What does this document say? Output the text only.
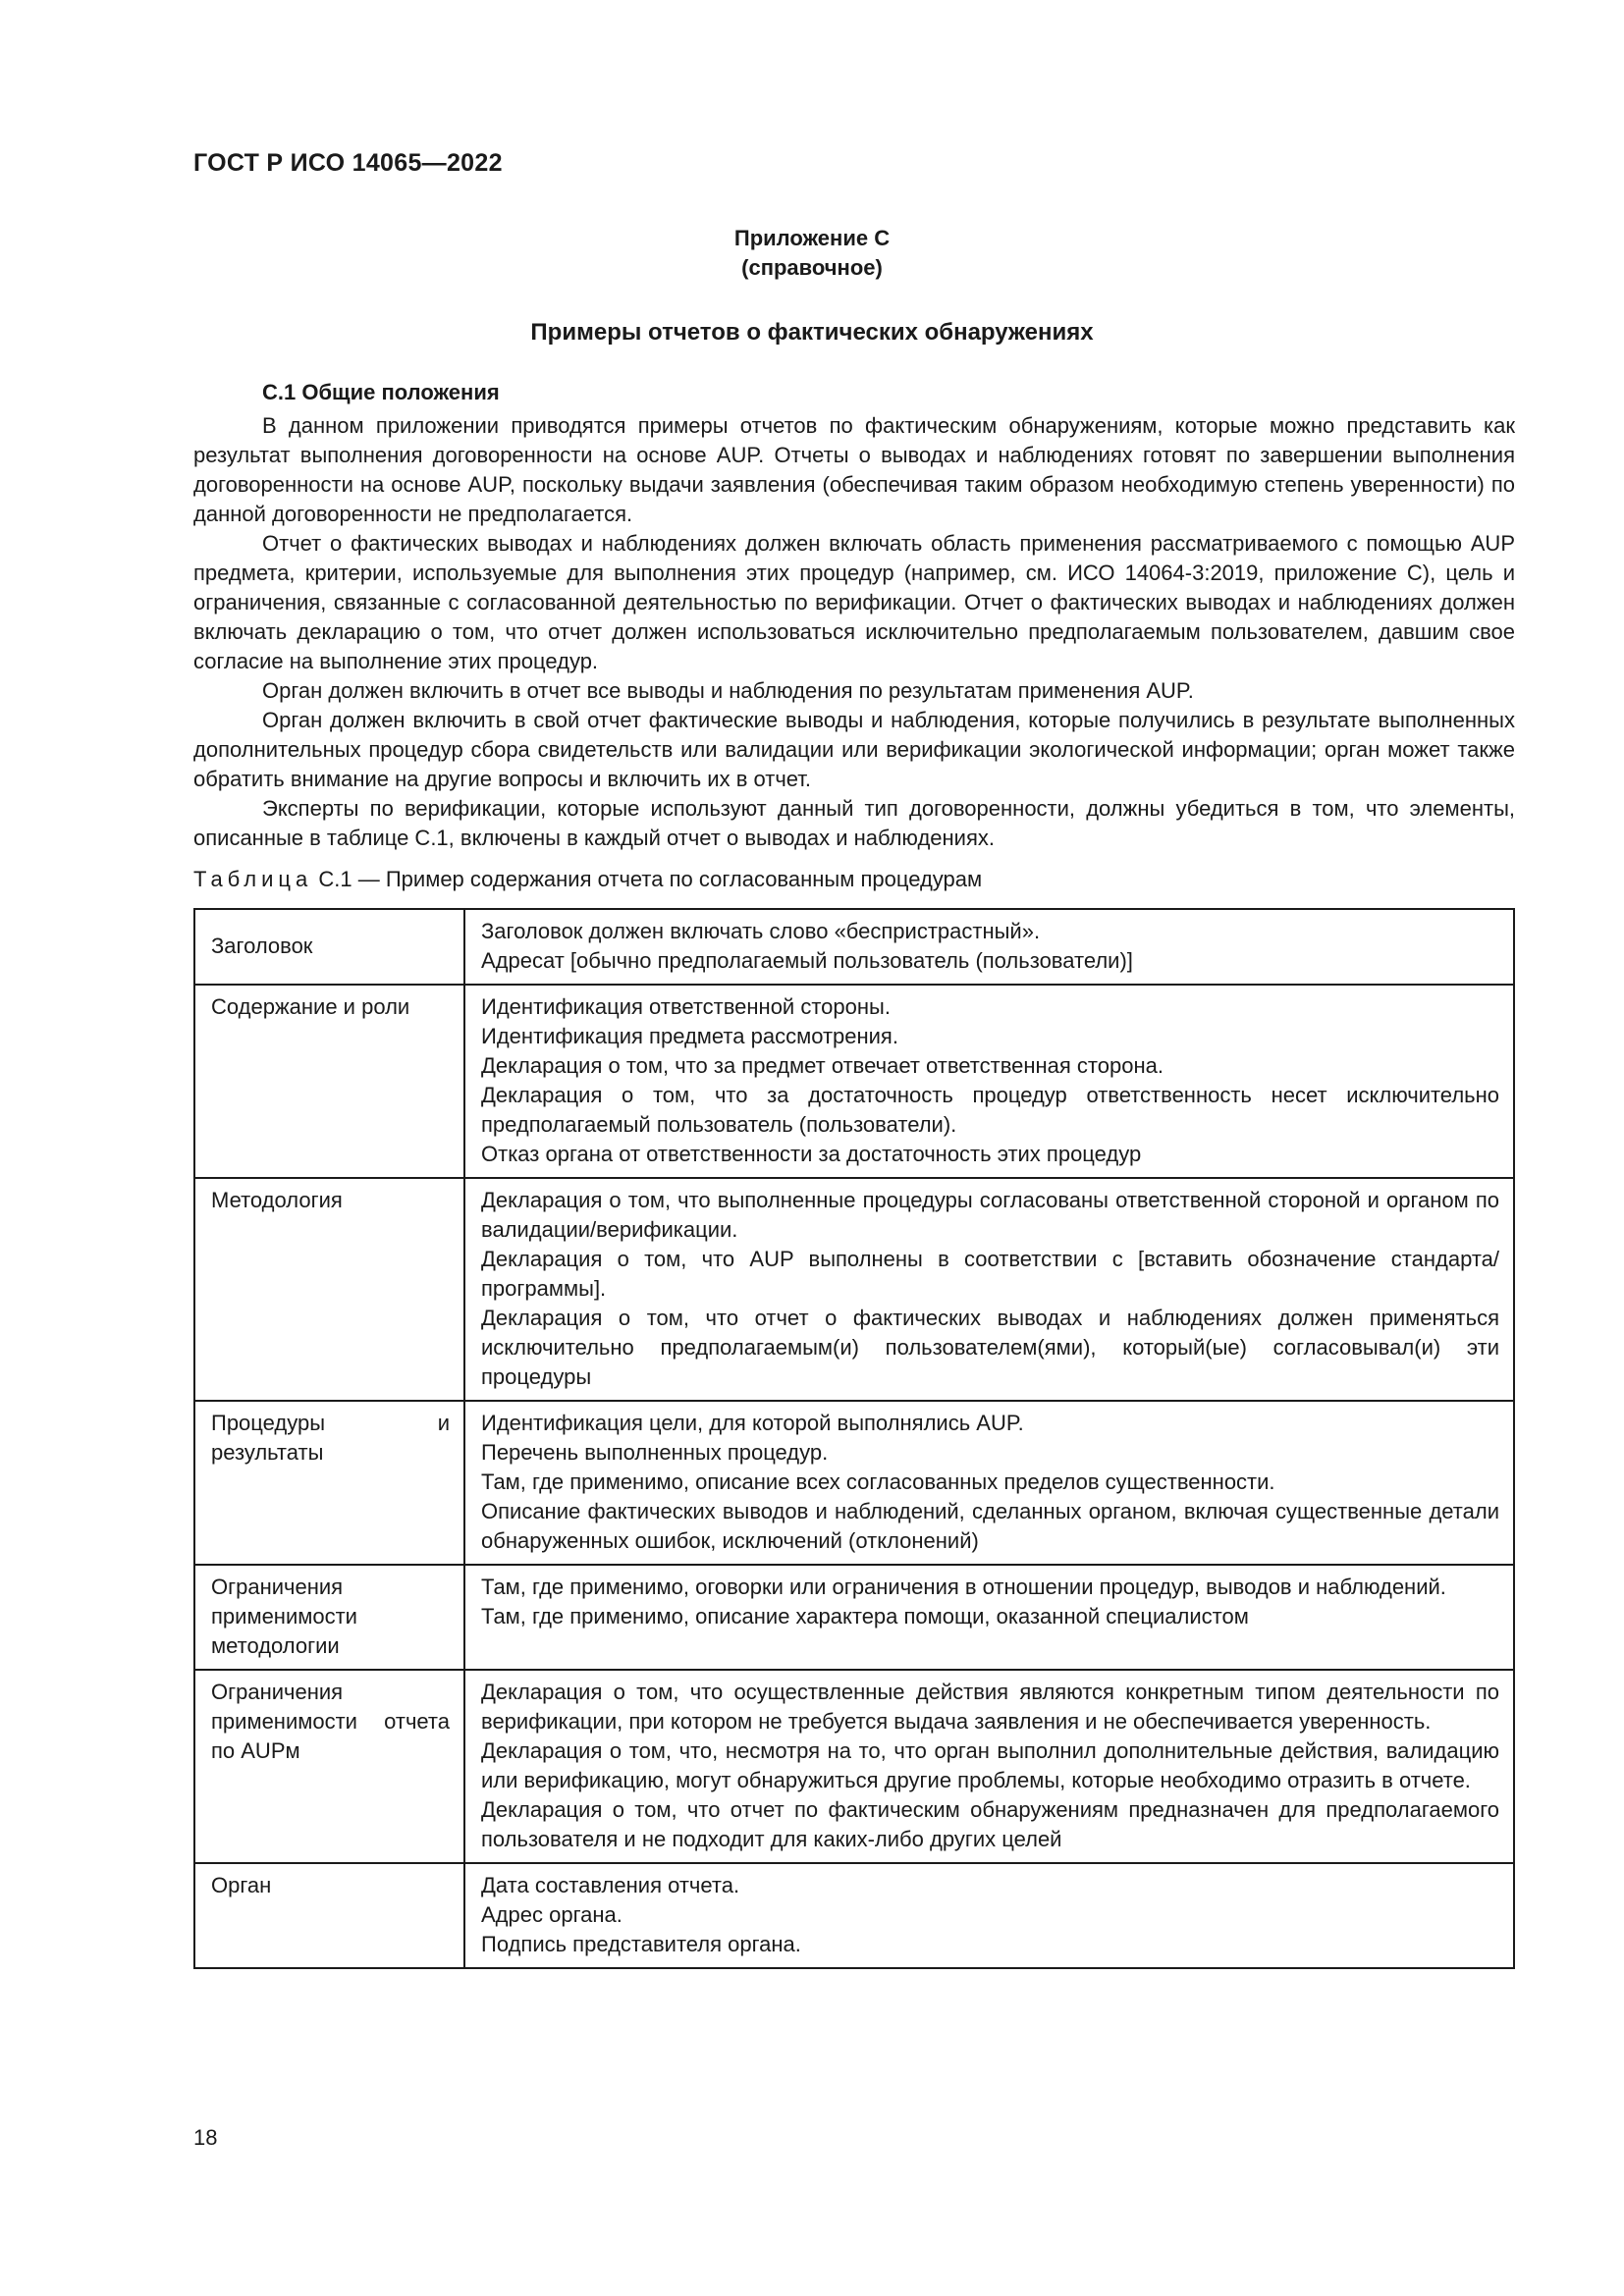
ГОСТ Р ИСО 14065—2022
Приложение С
(справочное)
Примеры отчетов о фактических обнаружениях
С.1 Общие положения

В данном приложении приводятся примеры отчетов по фактическим обнаружениям, которые можно представить как результат выполнения договоренности на основе AUP. Отчеты о выводах и наблюдениях готовят по завершении выполнения договоренности на основе AUP, поскольку выдачи заявления (обеспечивая таким образом необходимую степень уверенности) по данной договоренности не предполагается.

Отчет о фактических выводах и наблюдениях должен включать область применения рассматриваемого с помощью AUP предмета, критерии, используемые для выполнения этих процедур (например, см. ИСО 14064-3:2019, приложение С), цель и ограничения, связанные с согласованной деятельностью по верификации. Отчет о фактических выводах и наблюдениях должен включать декларацию о том, что отчет должен использоваться исключительно предполагаемым пользователем, давшим свое согласие на выполнение этих процедур.

Орган должен включить в отчет все выводы и наблюдения по результатам применения AUP.

Орган должен включить в свой отчет фактические выводы и наблюдения, которые получились в результате выполненных дополнительных процедур сбора свидетельств или валидации или верификации экологической информации; орган может также обратить внимание на другие вопросы и включить их в отчет.

Эксперты по верификации, которые используют данный тип договоренности, должны убедиться в том, что элементы, описанные в таблице С.1, включены в каждый отчет о выводах и наблюдениях.

Таблица С.1 — Пример содержания отчета по согласованным процедурам
Заголовок	Заголовок должен включать слово «беспристрастный».
Адресат [обычно предполагаемый пользователь (пользователи)]

Содержание и роли	Идентификация ответственной стороны.
Идентификация предмета рассмотрения.
Декларация о том, что за предмет отвечает ответственная сторона.
Декларация о том, что за достаточность процедур ответственность несет исключительно предполагаемый пользователь (пользователи).
Отказ органа от ответственности за достаточность этих процедур

Методология	Декларация о том, что выполненные процедуры согласованы ответственной стороной и органом по валидации/верификации.
Декларация о том, что AUP выполнены в соответствии с [вставить обозначение стандарта/программы].
Декларация о том, что отчет о фактических выводах и наблюдениях должен применяться исключительно предполагаемым(и) пользователем(ями), который(ые) согласовывал(и) эти процедуры

Процедуры и результаты	Идентификация цели, для которой выполнялись AUP.
Перечень выполненных процедур.
Там, где применимо, описание всех согласованных пределов существенности.
Описание фактических выводов и наблюдений, сделанных органом, включая существенные детали обнаруженных ошибок, исключений (отклонений)

Ограничения применимости методологии	Там, где применимо, оговорки или ограничения в отношении процедур, выводов и наблюдений.
Там, где применимо, описание характера помощи, оказанной специалистом

Ограничения применимости отчета по AUPм	Декларация о том, что осуществленные действия являются конкретным типом деятельности по верификации, при котором не требуется выдача заявления и не обеспечивается уверенность.
Декларация о том, что, несмотря на то, что орган выполнил дополнительные действия, валидацию или верификацию, могут обнаружиться другие проблемы, которые необходимо отразить в отчете.
Декларация о том, что отчет по фактическим обнаружениям предназначен для предполагаемого пользователя и не подходит для каких-либо других целей

Орган	Дата составления отчета.
Адрес органа.
Подпись представителя органа.
18
